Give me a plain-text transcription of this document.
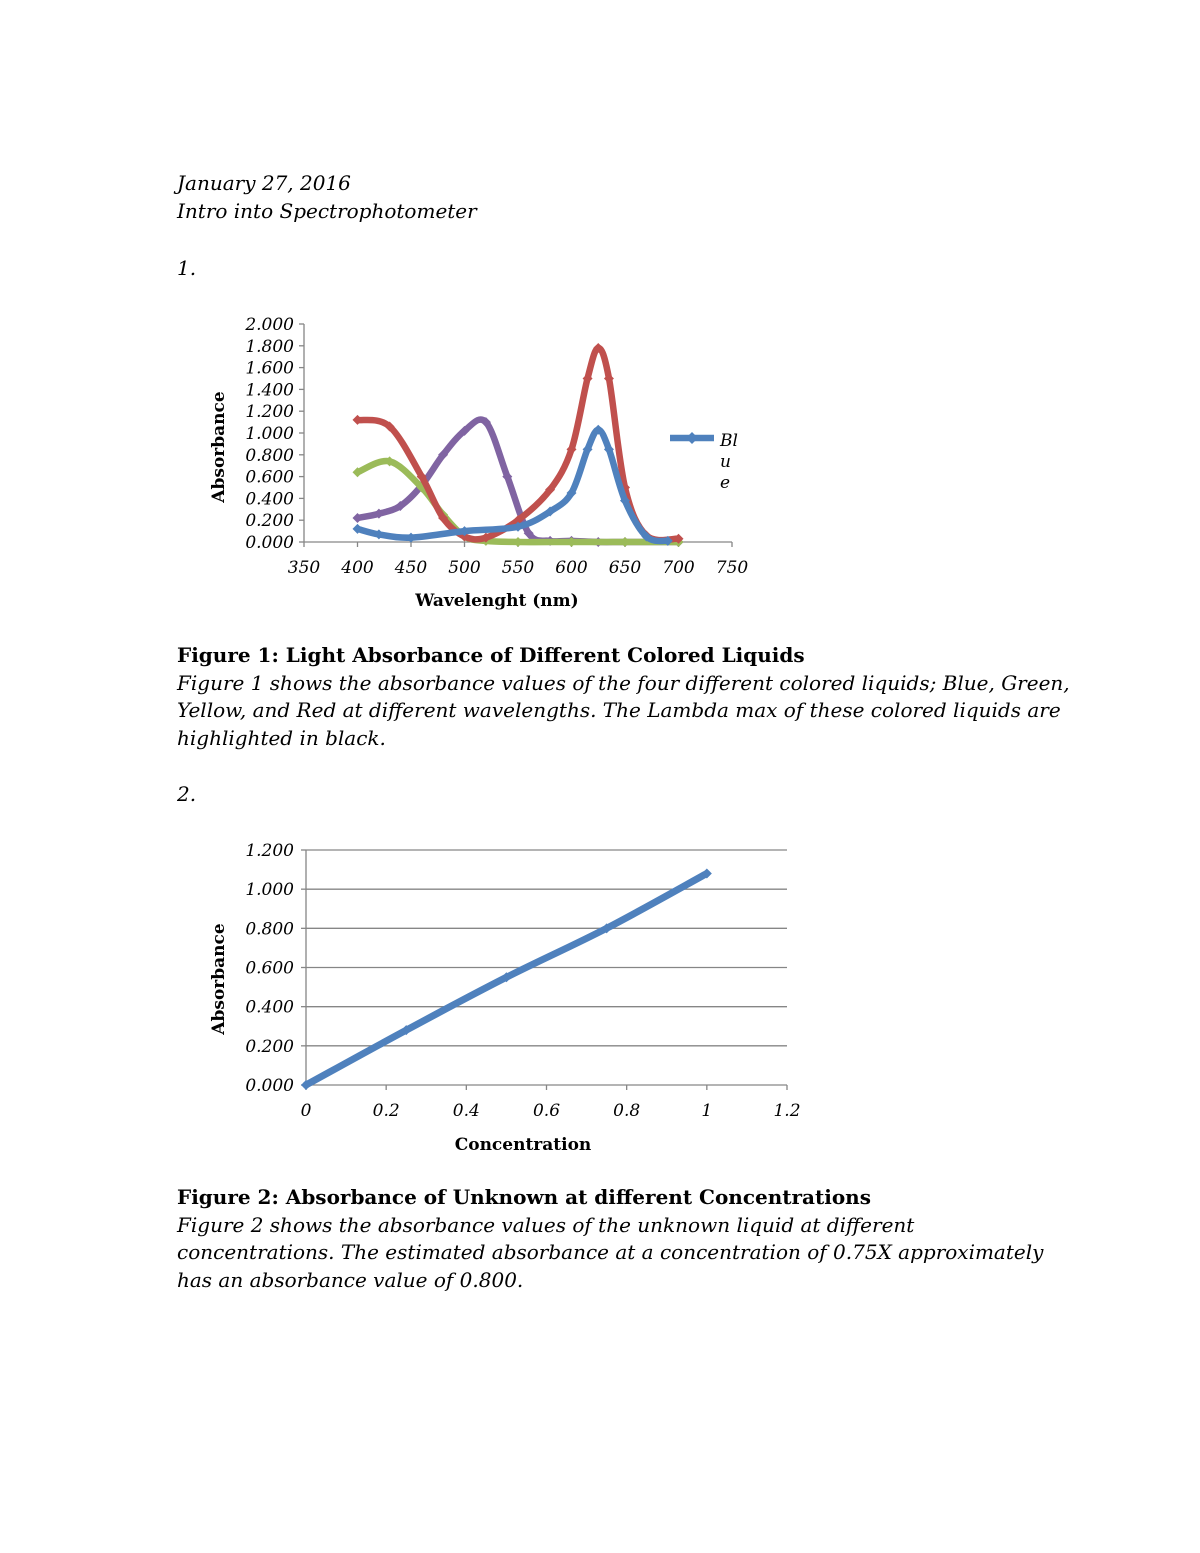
January 27, 2016
Intro into Spectrophotometer
1.
0.000
0.200
0.400
0.600
0.800
1.000
1.200
1.400
1.600
1.800
2.000
350 400 450 500 550 600 650 700 750
Wavelenght (nm)
Absorbance	Bl
u
e
0.000
0.200
0.400
0.600
0.800
1.000
1.200
0	0.2	0.4	0.6	0.8	1	1.2
Concentration
Absorbance
Figure 1: Light Absorbance of Different Colored Liquids
Figure 1 shows the absorbance values of the four different colored liquids; Blue, Green,
Yellow, and Red at different wavelengths. The Lambda max of these colored liquids are
highlighted in black.
2.
Figure 2: Absorbance of Unknown at different Concentrations
Figure 2 shows the absorbance values of the unknown liquid at different
concentrations. The estimated absorbance at a concentration of 0.75X approximately
has an absorbance value of 0.800.
